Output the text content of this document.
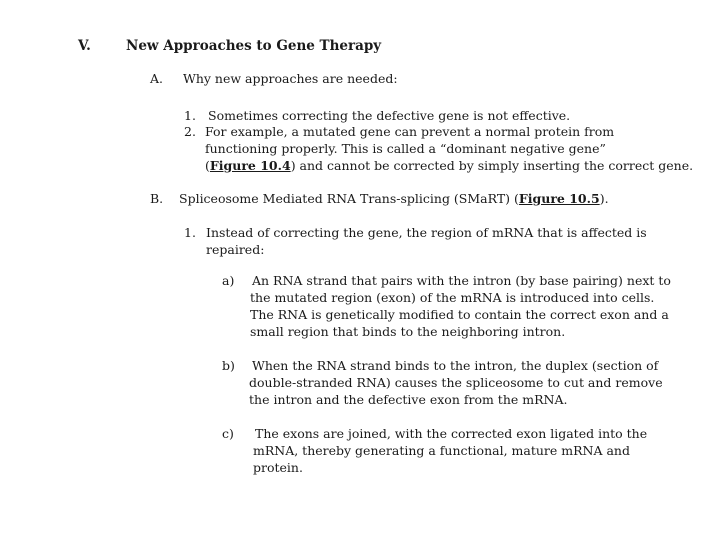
V.	New Approaches to Gene Therapy
A. Why new approaches are needed:
1. Sometimes correcting the defective gene is not effective.
2. For example, a mutated gene can prevent a normal protein from
functioning properly. This is called a “dominant negative gene”
(Figure 10.4) and cannot be corrected by simply inserting the correct gene.
B. Spliceosome Mediated RNA Trans-splicing (SMaRT) (Figure 10.5).
1. Instead of correcting the gene, the region of mRNA that is affected is
repaired:
a) An RNA strand that pairs with the intron (by base pairing) next to
the mutated region (exon) of the mRNA is introduced into cells.
The RNA is genetically modified to contain the correct exon and a
small region that binds to the neighboring intron.
b) When the RNA strand binds to the intron, the duplex (section of
double-stranded RNA) causes the spliceosome to cut and remove
the intron and the defective exon from the mRNA.
c) The exons are joined, with the corrected exon ligated into the
mRNA, thereby generating a functional, mature mRNA and
protein.
